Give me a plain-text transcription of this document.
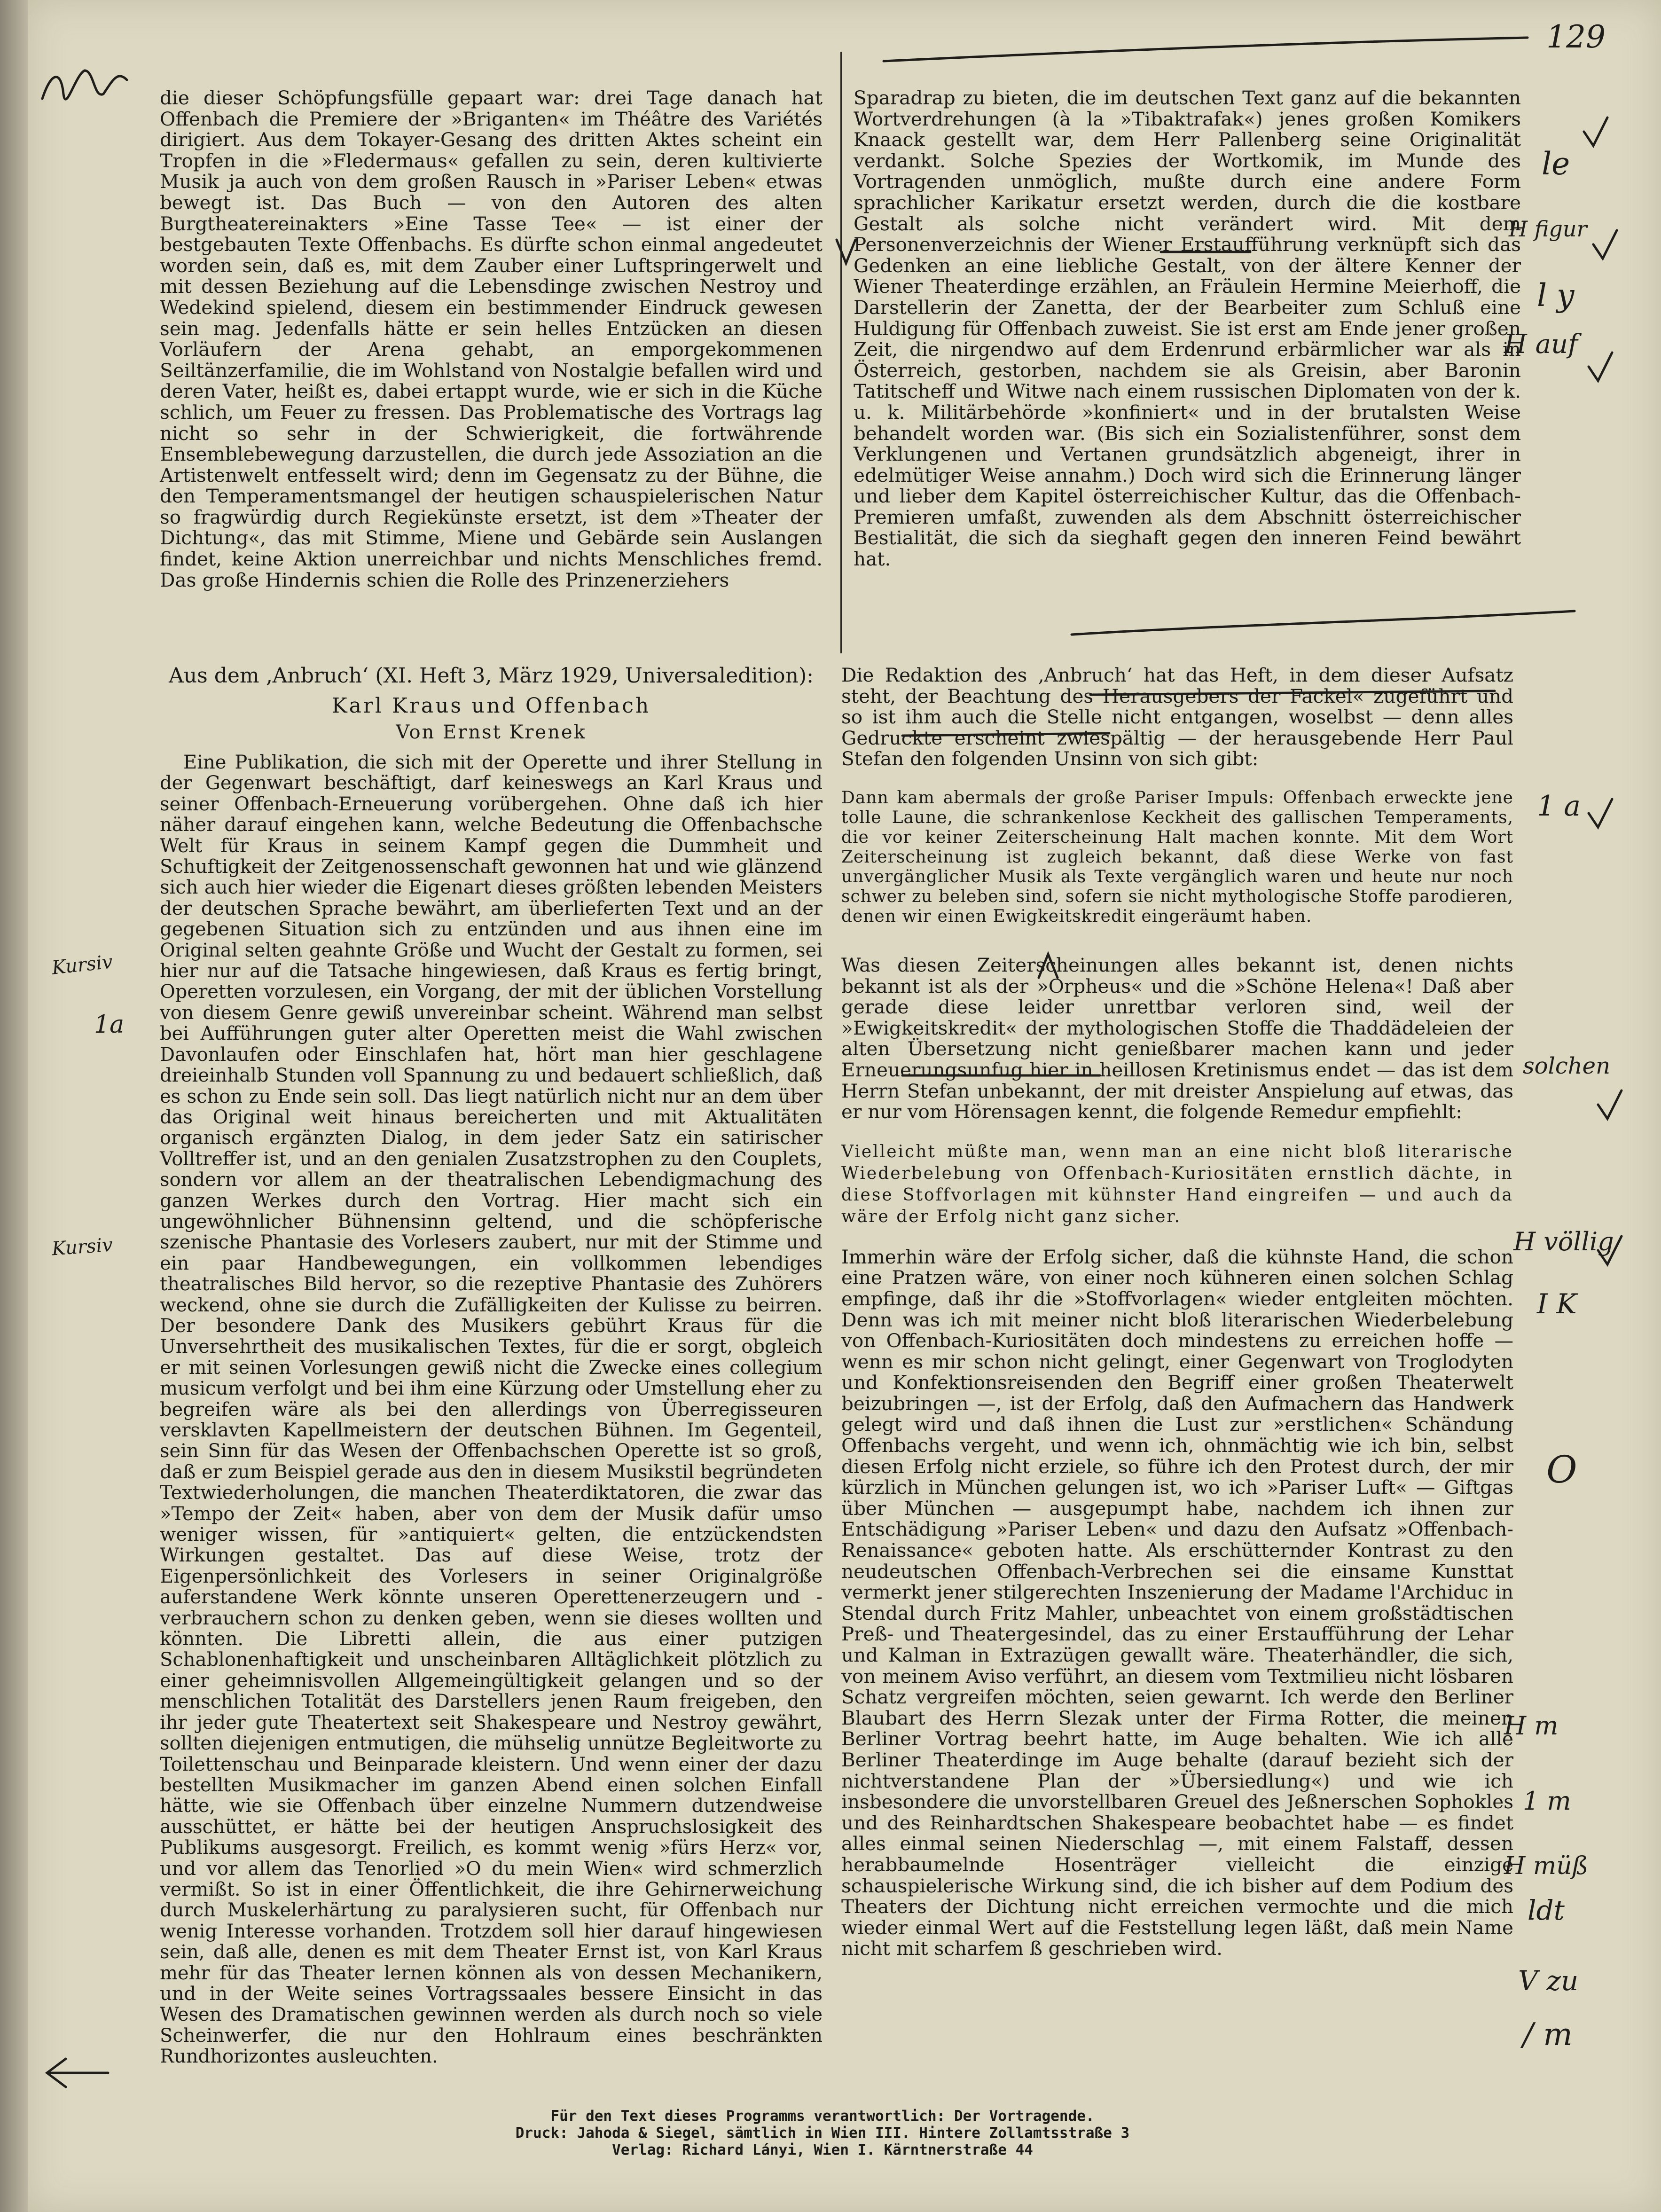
129

die dieser Schöpfungsfülle gepaart war: drei Tage danach hat Offenbach die Premiere der »Briganten« im Théâtre des Variétés dirigiert. Aus dem Tokayer-Gesang des dritten Aktes scheint ein Tropfen in die »Fledermaus« gefallen zu sein, deren kultivierte Musik ja auch von dem großen Rausch in »Pariser Leben« etwas bewegt ist. Das Buch — von den Autoren des alten Burgtheatereinakters »Eine Tasse Tee« — ist einer der bestgebauten Texte Offenbachs. Es dürfte schon einmal angedeutet worden sein, daß es, mit dem Zauber einer Luftspringerwelt und mit dessen Beziehung auf die Lebensdinge zwischen Nestroy und Wedekind spielend, diesem ein bestimmender Eindruck gewesen sein mag. Jedenfalls hätte er sein helles Entzücken an diesen Vorläufern der Arena gehabt, an emporgekommenen Seiltänzerfamilie, die im Wohlstand von Nostalgie befallen wird und deren Vater, heißt es, dabei ertappt wurde, wie er sich in die Küche schlich, um Feuer zu fressen. Das Problematische des Vortrags lag nicht so sehr in der Schwierigkeit, die fortwährende Ensemblebewegung darzustellen, die durch jede Assoziation an die Artistenwelt entfesselt wird; denn im Gegensatz zu der Bühne, die den Temperamentsmangel der heutigen schauspielerischen Natur so fragwürdig durch Regiekünste ersetzt, ist dem »Theater der Dichtung«, das mit Stimme, Miene und Gebärde sein Auslangen findet, keine Aktion unerreichbar und nichts Menschliches fremd. Das große Hindernis schien die Rolle des Prinzenerziehers

Sparadrap zu bieten, die im deutschen Text ganz auf die bekannten Wortverdrehungen (à la »Tibaktrafak«) jenes großen Komikers Knaack gestellt war, dem Herr Pallenberg seine Originalität verdankt. Solche Spezies der Wortkomik, im Munde des Vortragenden unmöglich, mußte durch eine andere Form sprachlicher Karikatur ersetzt werden, durch die die kostbare Gestalt als solche nicht verändert wird. Mit dem Personenverzeichnis der Wiener Erstaufführung verknüpft sich das Gedenken an eine liebliche Gestalt, von der ältere Kenner der Wiener Theaterdinge erzählen, an Fräulein Hermine Meierhoff, die Darstellerin der Zanetta, der der Bearbeiter zum Schluß eine Huldigung für Offenbach zuweist. Sie ist erst am Ende jener großen Zeit, die nirgendwo auf dem Erdenrund erbärmlicher war als in Österreich, gestorben, nachdem sie als Greisin, aber Baronin Tatitscheff und Witwe nach einem russischen Diplomaten von der k. u. k. Militärbehörde »konfiniert« und in der brutalsten Weise behandelt worden war. (Bis sich ein Sozialistenführer, sonst dem Verklungenen und Vertanen grundsätzlich abgeneigt, ihrer in edelmütiger Weise annahm.) Doch wird sich die Erinnerung länger und lieber dem Kapitel österreichischer Kultur, das die Offenbach-Premieren umfaßt, zuwenden als dem Abschnitt österreichischer Bestialität, die sich da sieghaft gegen den inneren Feind bewährt hat.

Aus dem ‚Anbruch‘ (XI. Heft 3, März 1929, Universaledition):
Karl Kraus und Offenbach
Von Ernst Krenek

Eine Publikation, die sich mit der Operette und ihrer Stellung in der Gegenwart beschäftigt, darf keineswegs an Karl Kraus und seiner Offenbach-Erneuerung vorübergehen. Ohne daß ich hier näher darauf eingehen kann, welche Bedeutung die Offenbachsche Welt für Kraus in seinem Kampf gegen die Dummheit und Schuftigkeit der Zeitgenossenschaft gewonnen hat und wie glänzend sich auch hier wieder die Eigenart dieses größten lebenden Meisters der deutschen Sprache bewährt, am überlieferten Text und an der gegebenen Situation sich zu entzünden und aus ihnen eine im Original selten geahnte Größe und Wucht der Gestalt zu formen, sei hier nur auf die Tatsache hingewiesen, daß Kraus es fertig bringt, Operetten vorzulesen, ein Vorgang, der mit der üblichen Vorstellung von diesem Genre gewiß unvereinbar scheint. Während man selbst bei Aufführungen guter alter Operetten meist die Wahl zwischen Davonlaufen oder Einschlafen hat, hört man hier geschlagene dreieinhalb Stunden voll Spannung zu und bedauert schließlich, daß es schon zu Ende sein soll. Das liegt natürlich nicht nur an dem über das Original weit hinaus bereicherten und mit Aktualitäten organisch ergänzten Dialog, in dem jeder Satz ein satirischer Volltreffer ist, und an den genialen Zusatzstrophen zu den Couplets, sondern vor allem an der theatralischen Lebendigmachung des ganzen Werkes durch den Vortrag. Hier macht sich ein ungewöhnlicher Bühnensinn geltend, und die schöpferische szenische Phantasie des Vorlesers zaubert, nur mit der Stimme und ein paar Handbewegungen, ein vollkommen lebendiges theatralisches Bild hervor, so die rezeptive Phantasie des Zuhörers weckend, ohne sie durch die Zufälligkeiten der Kulisse zu beirren. Der besondere Dank des Musikers gebührt Kraus für die Unversehrtheit des musikalischen Textes, für die er sorgt, obgleich er mit seinen Vorlesungen gewiß nicht die Zwecke eines collegium musicum verfolgt und bei ihm eine Kürzung oder Umstellung eher zu begreifen wäre als bei den allerdings von Überregisseuren versklavten Kapellmeistern der deutschen Bühnen. Im Gegenteil, sein Sinn für das Wesen der Offenbachschen Operette ist so groß, daß er zum Beispiel gerade aus den in diesem Musikstil begründeten Textwiederholungen, die manchen Theaterdiktatoren, die zwar das »Tempo der Zeit« haben, aber von dem der Musik dafür umso weniger wissen, für »antiquiert« gelten, die entzückendsten Wirkungen gestaltet. Das auf diese Weise, trotz der Eigenpersönlichkeit des Vorlesers in seiner Originalgröße auferstandene Werk könnte unseren Operettenerzeugern und -verbrauchern schon zu denken geben, wenn sie dieses wollten und könnten. Die Libretti allein, die aus einer putzigen Schablonenhaftigkeit und unscheinbaren Alltäglichkeit plötzlich zu einer geheimnisvollen Allgemeingültigkeit gelangen und so der menschlichen Totalität des Darstellers jenen Raum freigeben, den ihr jeder gute Theatertext seit Shakespeare und Nestroy gewährt, sollten diejenigen entmutigen, die mühselig unnütze Begleitworte zu Toilettenschau und Beinparade kleistern. Und wenn einer der dazu bestellten Musikmacher im ganzen Abend einen solchen Einfall hätte, wie sie Offenbach über einzelne Nummern dutzendweise ausschüttet, er hätte bei der heutigen Anspruchslosigkeit des Publikums ausgesorgt. Freilich, es kommt wenig »fürs Herz« vor, und vor allem das Tenorlied »O du mein Wien« wird schmerzlich vermißt. So ist in einer Öffentlichkeit, die ihre Gehirnerweichung durch Muskelerhärtung zu paralysieren sucht, für Offenbach nur wenig Interesse vorhanden. Trotzdem soll hier darauf hingewiesen sein, daß alle, denen es mit dem Theater Ernst ist, von Karl Kraus mehr für das Theater lernen können als von dessen Mechanikern, und in der Weite seines Vortragssaales bessere Einsicht in das Wesen des Dramatischen gewinnen werden als durch noch so viele Scheinwerfer, die nur den Hohlraum eines beschränkten Rundhorizontes ausleuchten.

Die Redaktion des ‚Anbruch‘ hat das Heft, in dem dieser Aufsatz steht, der Beachtung des Herausgebers der Fackel« zugeführt und so ist ihm auch die Stelle nicht entgangen, woselbst — denn alles Gedruckte erscheint zwiespältig — der herausgebende Herr Paul Stefan den folgenden Unsinn von sich gibt:

Dann kam abermals der große Pariser Impuls: Offenbach erweckte jene tolle Laune, die schrankenlose Keckheit des gallischen Temperaments, die vor keiner Zeiterscheinung Halt machen konnte. Mit dem Wort Zeiterscheinung ist zugleich bekannt, daß diese Werke von fast unvergänglicher Musik als Texte vergänglich waren und heute nur noch schwer zu beleben sind, sofern sie nicht mythologische Stoffe parodieren, denen wir einen Ewigkeitskredit eingeräumt haben.

Was diesen Zeiterscheinungen alles bekannt ist, denen nichts bekannt ist als der »Orpheus« und die »Schöne Helena«! Daß aber gerade diese leider unrettbar verloren sind, weil der »Ewigkeitskredit« der mythologischen Stoffe die Thaddädeleien der alten Übersetzung nicht genießbarer machen kann und jeder Erneuerungsunfug hier in heillosen Kretinismus endet — das ist dem Herrn Stefan unbekannt, der mit dreister Anspielung auf etwas, das er nur vom Hörensagen kennt, die folgende Remedur empfiehlt:

Vielleicht müßte man, wenn man an eine nicht bloß literarische Wiederbelebung von Offenbach-Kuriositäten ernstlich dächte, in diese Stoffvorlagen mit kühnster Hand eingreifen — und auch da wäre der Erfolg nicht ganz sicher.

Immerhin wäre der Erfolg sicher, daß die kühnste Hand, die schon eine Pratzen wäre, von einer noch kühneren einen solchen Schlag empfinge, daß ihr die »Stoffvorlagen« wieder entgleiten möchten. Denn was ich mit meiner nicht bloß literarischen Wiederbelebung von Offenbach-Kuriositäten doch mindestens zu erreichen hoffe — wenn es mir schon nicht gelingt, einer Gegenwart von Troglodyten und Konfektionsreisenden den Begriff einer großen Theaterwelt beizubringen —, ist der Erfolg, daß den Aufmachern das Handwerk gelegt wird und daß ihnen die Lust zur »erstlichen« Schändung Offenbachs vergeht, und wenn ich, ohnmächtig wie ich bin, selbst diesen Erfolg nicht erziele, so führe ich den Protest durch, der mir kürzlich in München gelungen ist, wo ich »Pariser Luft« — Giftgas über München — ausgepumpt habe, nachdem ich ihnen zur Entschädigung »Pariser Leben« und dazu den Aufsatz »Offenbach-Renaissance« geboten hatte. Als erschütternder Kontrast zu den neudeutschen Offenbach-Verbrechen sei die einsame Kunsttat vermerkt jener stilgerechten Inszenierung der Madame l'Archiduc in Stendal durch Fritz Mahler, unbeachtet von einem großstädtischen Preß- und Theatergesindel, das zu einer Erstaufführung der Lehar und Kalman in Extrazügen gewallt wäre. Theaterhändler, die sich, von meinem Aviso verführt, an diesem vom Textmilieu nicht lösbaren Schatz vergreifen möchten, seien gewarnt. Ich werde den Berliner Blaubart des Herrn Slezak unter der Firma Rotter, die meinen Berliner Vortrag beehrt hatte, im Auge behalten. Wie ich alle Berliner Theaterdinge im Auge behalte (darauf bezieht sich der nichtverstandene Plan der »Übersiedlung«) und wie ich insbesondere die unvorstellbaren Greuel des Jeßnerschen Sophokles und des Reinhardtschen Shakespeare beobachtet habe — es findet alles einmal seinen Niederschlag —, mit einem Falstaff, dessen herabbaumelnde Hosenträger vielleicht die einzige schauspielerische Wirkung sind, die ich bisher auf dem Podium des Theaters der Dichtung nicht erreichen vermochte und die mich wieder einmal Wert auf die Feststellung legen läßt, daß mein Name nicht mit scharfem ß geschrieben wird.

Für den Text dieses Programms verantwortlich: Der Vortragende.
Druck: Jahoda & Siegel, sämtlich in Wien III. Hintere Zollamtsstraße 3
Verlag: Richard Lányi, Wien I. Kärntnerstraße 44
Kursiv
1a
Kursiv
le
H figur
l y
H auf
1 a
solchen
H völlig
I K
O
H m
1 m
H müß
ldt
V zu
/ m
